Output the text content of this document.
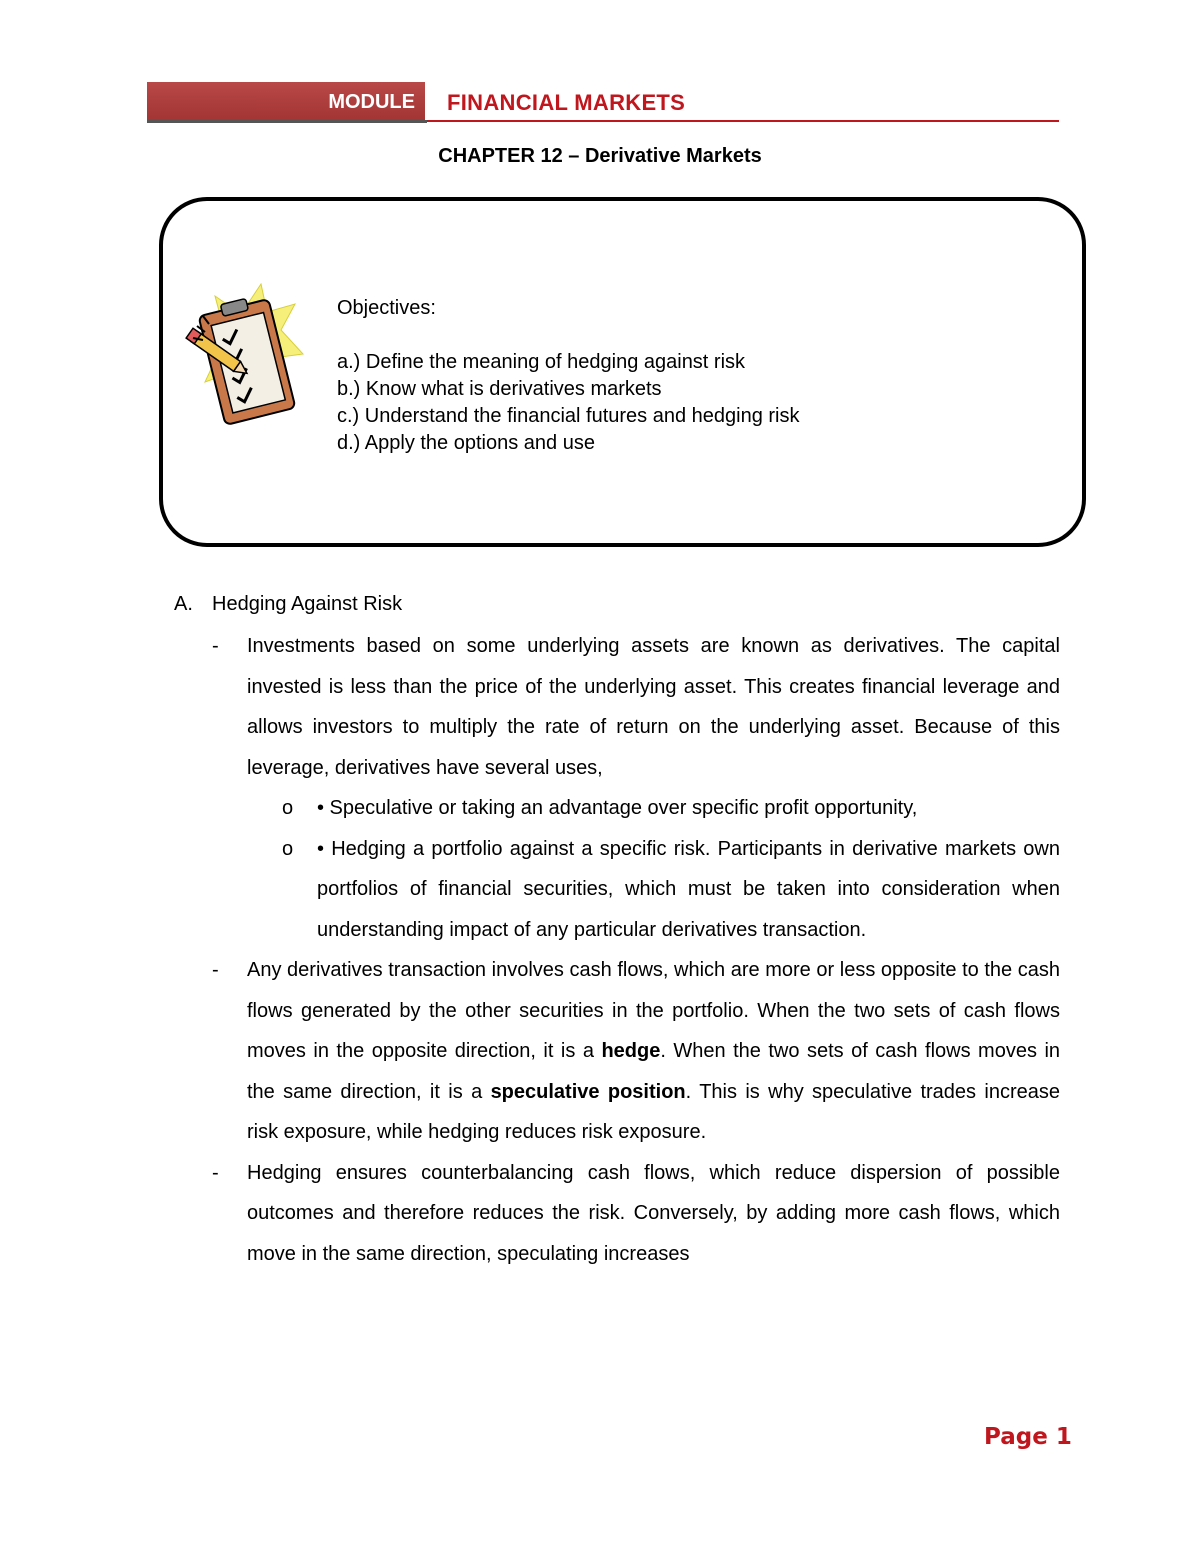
MODULE	FINANCIAL MARKETS
CHAPTER 12 – Derivative Markets
Objectives:
a.) Define the meaning of hedging against risk
b.) Know what is derivatives markets
c.) Understand the financial futures and hedging risk
d.) Apply the options and use
A. Hedging Against Risk
- Investments based on some underlying assets are known as derivatives. The capital invested is less than the price of the underlying asset. This creates financial leverage and allows investors to multiply the rate of return on the underlying asset. Because of this leverage, derivatives have several uses,
o • Speculative or taking an advantage over specific profit opportunity,
o • Hedging a portfolio against a specific risk. Participants in derivative markets own portfolios of financial securities, which must be taken into consideration when understanding impact of any particular derivatives transaction.
- Any derivatives transaction involves cash flows, which are more or less opposite to the cash flows generated by the other securities in the portfolio. When the two sets of cash flows moves in the opposite direction, it is a hedge. When the two sets of cash flows moves in the same direction, it is a speculative position. This is why speculative trades increase risk exposure, while hedging reduces risk exposure.
- Hedging ensures counterbalancing cash flows, which reduce dispersion of possible outcomes and therefore reduces the risk. Conversely, by adding more cash flows, which move in the same direction, speculating increases
Page 1
